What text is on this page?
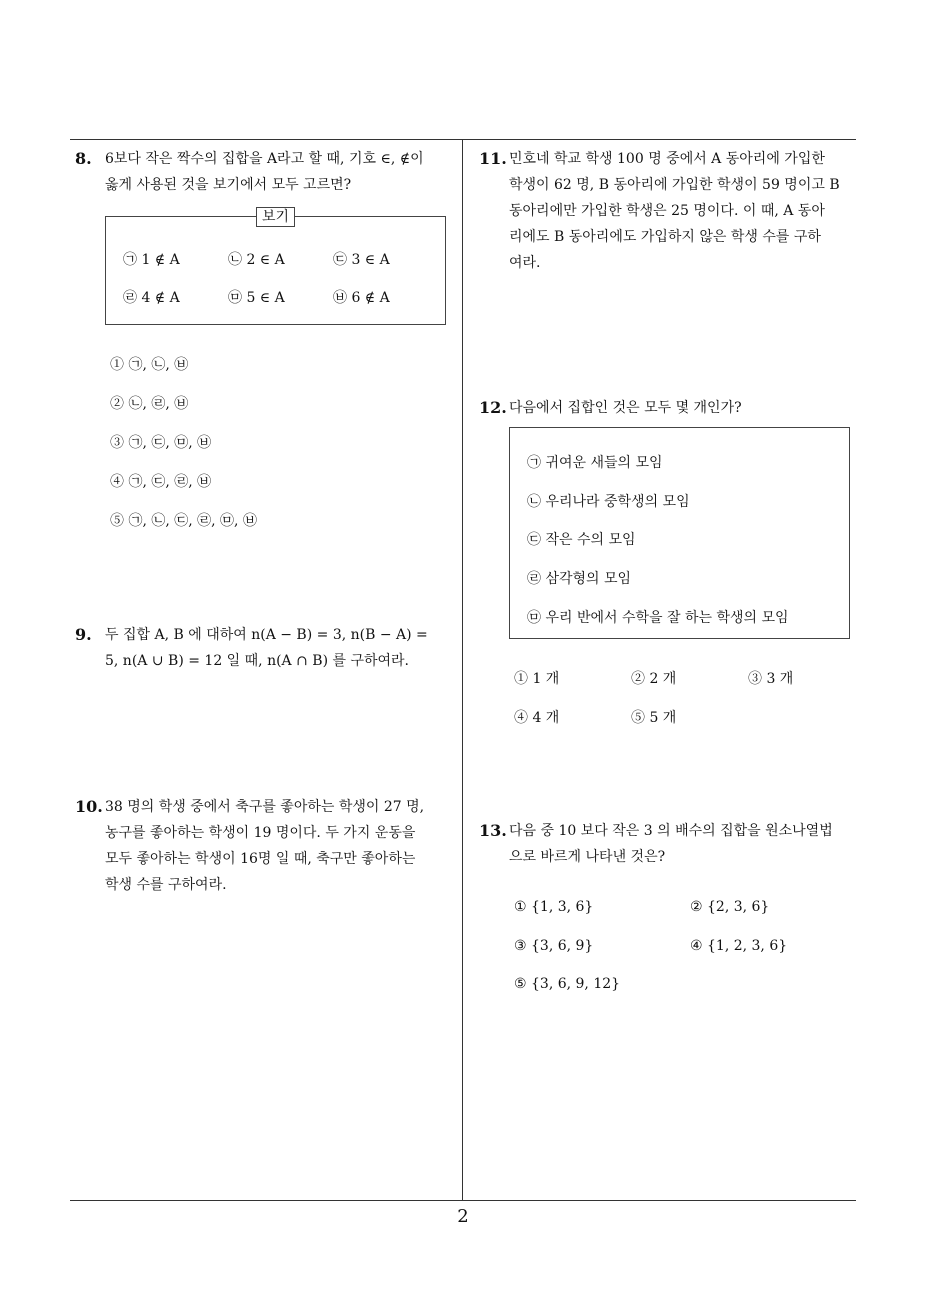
8. 6보다 작은 짝수의 집합을 A라고 할 때, 기호 ∈, ∉이
옳게 사용된 것을 보기에서 모두 고르면?
보기
㉠ 1 ∉ A	㉡ 2 ∈ A	㉢ 3 ∈ A
㉣ 4 ∉ A	㉤ 5 ∈ A	㉥ 6 ∉ A
① ㉠, ㉡, ㉥
② ㉡, ㉣, ㉥
③ ㉠, ㉢, ㉤, ㉥
④ ㉠, ㉢, ㉣, ㉥
⑤ ㉠, ㉡, ㉢, ㉣, ㉤, ㉥
9. 두 집합 A, B 에 대하여 n(A − B) = 3, n(B − A) =
5, n(A ∪ B) = 12 일 때, n(A ∩ B) 를 구하여라.
10. 38 명의 학생 중에서 축구를 좋아하는 학생이 27 명,
농구를 좋아하는 학생이 19 명이다. 두 가지 운동을
모두 좋아하는 학생이 16명 일 때, 축구만 좋아하는
학생 수를 구하여라.
11. 민호네 학교 학생 100 명 중에서 A 동아리에 가입한
학생이 62 명, B 동아리에 가입한 학생이 59 명이고 B
동아리에만 가입한 학생은 25 명이다. 이 때, A 동아
리에도 B 동아리에도 가입하지 않은 학생 수를 구하
여라.
12. 다음에서 집합인 것은 모두 몇 개인가?
㉠ 귀여운 새들의 모임
㉡ 우리나라 중학생의 모임
㉢ 작은 수의 모임
㉣ 삼각형의 모임
㉤ 우리 반에서 수학을 잘 하는 학생의 모임
① 1 개	② 2 개	③ 3 개
④ 4 개	⑤ 5 개
13. 다음 중 10 보다 작은 3 의 배수의 집합을 원소나열법
으로 바르게 나타낸 것은?
① {1, 3, 6}	② {2, 3, 6}
③ {3, 6, 9}	④ {1, 2, 3, 6}
⑤ {3, 6, 9, 12}
2
